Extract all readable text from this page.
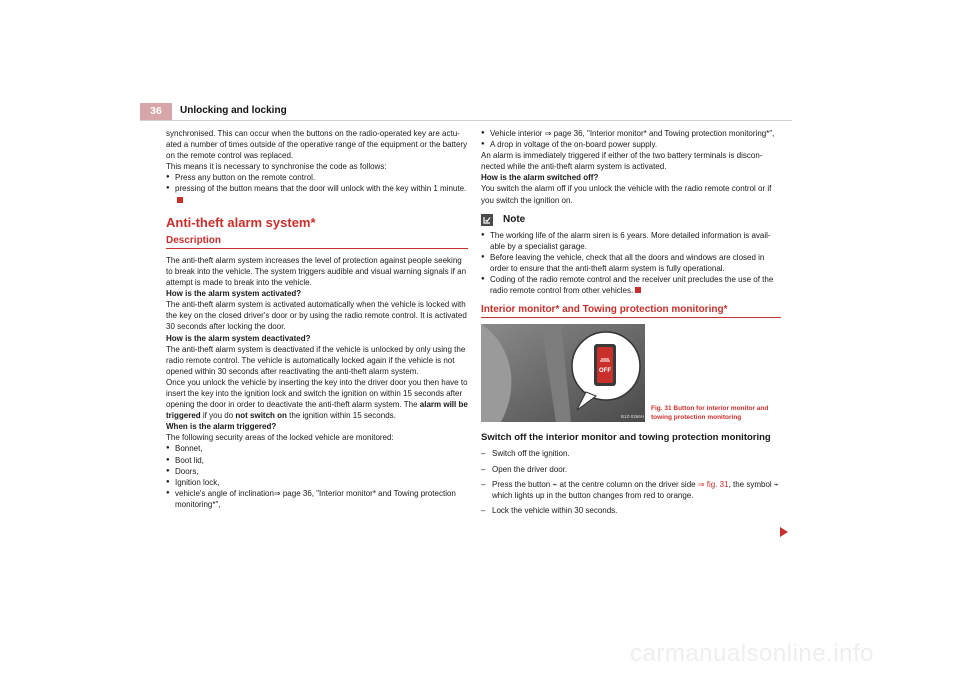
36	Unlocking and locking

synchronised. This can occur when the buttons on the radio-operated key are actuated a number of times outside of the operative range of the equipment or the battery on the remote control was replaced.

This means it is necessary to synchronise the code as follows:

● Press any button on the remote control.

● pressing of the button means that the door will unlock with the key within 1 minute.

Anti-theft alarm system*
Description

The anti-theft alarm system increases the level of protection against people seeking to break into the vehicle. The system triggers audible and visual warning signals if an attempt is made to break into the vehicle.

How is the alarm system activated?

The anti-theft alarm system is activated automatically when the vehicle is locked with the key on the closed driver's door or by using the radio remote control. It is activated 30 seconds after locking the door.

How is the alarm system deactivated?

The anti-theft alarm system is deactivated if the vehicle is unlocked by only using the radio remote control. The vehicle is automatically locked again if the vehicle is not opened within 30 seconds after reactivating the anti-theft alarm system.

Once you unlock the vehicle by inserting the key into the driver door you then have to insert the key into the ignition lock and switch the ignition on within 15 seconds after opening the door in order to deactivate the anti-theft alarm system. The alarm will be triggered if you do not switch on the ignition within 15 seconds.

When is the alarm triggered?

The following security areas of the locked vehicle are monitored:

● Bonnet,

● Boot lid,

● Doors,

● Ignition lock,

● vehicle's angle of inclination⇒ page 36, "Interior monitor* and Towing protection monitoring*",

● Vehicle interior ⇒ page 36, "Interior monitor* and Towing protection monitoring*",

● A drop in voltage of the on-board power supply.

An alarm is immediately triggered if either of the two battery terminals is disconnected while the anti-theft alarm system is activated.

How is the alarm switched off?

You switch the alarm off if you unlock the vehicle with the radio remote control or if you switch the ignition on.

Note

● The working life of the alarm siren is 6 years. More detailed information is available by a specialist garage.

● Before leaving the vehicle, check that all the doors and windows are closed in order to ensure that the anti-theft alarm system is fully operational.

● Coding of the radio remote control and the receiver unit precludes the use of the radio remote control from other vehicles.

Interior monitor* and Towing protection monitoring*
OFF
B1Z-0266H
Fig. 31 Button for interior monitor and towing protection monitoring
Switch off the interior monitor and towing protection monitoring

– Switch off the ignition.

– Open the driver door.

– Press the button ⌁ at the centre column on the driver side ⇒ fig. 31, the symbol ⌁ which lights up in the button changes from red to orange.

– Lock the vehicle within 30 seconds.

carmanualsonline.info
